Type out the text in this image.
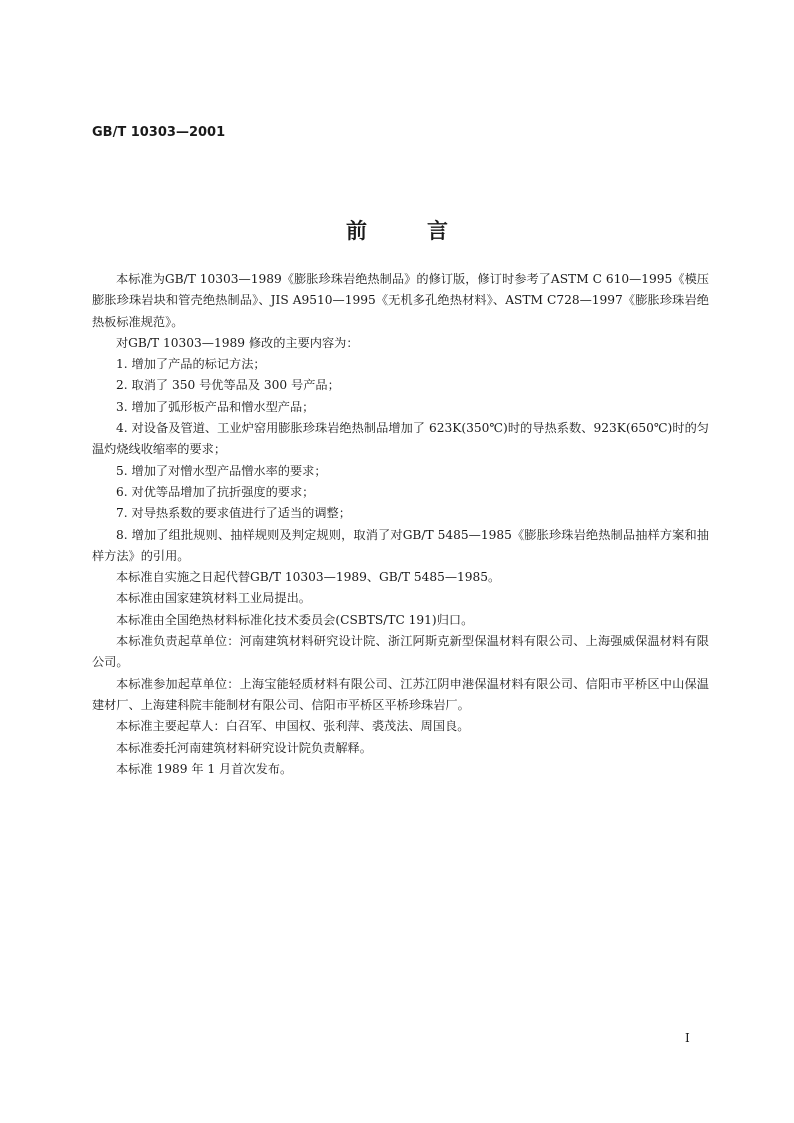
GB/T 10303—2001
前	言

本标准为GB/T 10303—1989《膨胀珍珠岩绝热制品》的修订版，修订时参考了ASTM C 610—1995《模压膨胀珍珠岩块和管壳绝热制品》、JIS A9510—1995《无机多孔绝热材料》、ASTM C728—1997《膨胀珍珠岩绝热板标准规范》。

对GB/T 10303—1989 修改的主要内容为：

1. 增加了产品的标记方法；

2. 取消了 350 号优等品及 300 号产品；

3. 增加了弧形板产品和憎水型产品；

4. 对设备及管道、工业炉窑用膨胀珍珠岩绝热制品增加了 623K(350℃)时的导热系数、923K(650℃)时的匀温灼烧线收缩率的要求；

5. 增加了对憎水型产品憎水率的要求；

6. 对优等品增加了抗折强度的要求；

7. 对导热系数的要求值进行了适当的调整；

8. 增加了组批规则、抽样规则及判定规则，取消了对GB/T 5485—1985《膨胀珍珠岩绝热制品抽样方案和抽样方法》的引用。

本标准自实施之日起代替GB/T 10303—1989、GB/T 5485—1985。

本标准由国家建筑材料工业局提出。

本标准由全国绝热材料标准化技术委员会(CSBTS/TC 191)归口。

本标准负责起草单位：河南建筑材料研究设计院、浙江阿斯克新型保温材料有限公司、上海强威保温材料有限公司。

本标准参加起草单位：上海宝能轻质材料有限公司、江苏江阴申港保温材料有限公司、信阳市平桥区中山保温建材厂、上海建科院丰能制材有限公司、信阳市平桥区平桥珍珠岩厂。

本标准主要起草人：白召军、申国权、张利萍、裘茂法、周国良。

本标准委托河南建筑材料研究设计院负责解释。

本标准 1989 年 1 月首次发布。

I
